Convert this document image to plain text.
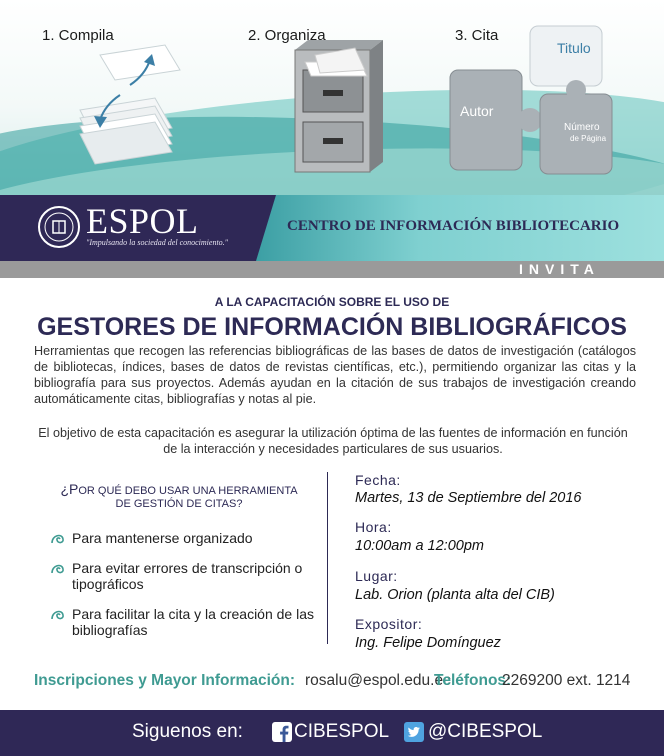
1. Compila	2. Organiza	3. Cita
Titulo
Autor
Número
de Página
ESPOL
"Impulsando la sociedad del conocimiento."
CENTRO DE INFORMACIÓN BIBLIOTECARIO
INVITA
A LA CAPACITACIÓN SOBRE EL USO DE
GESTORES DE INFORMACIÓN BIBLIOGRÁFICOS

Herramientas que recogen las referencias bibliográficas de las bases de datos de investigación (catálogos de bibliotecas, índices, bases de datos de revistas científicas, etc.), permitiendo organizar las citas y la bibliografía para sus proyectos. Además ayudan en la citación de sus trabajos de investigación creando automáticamente citas, bibliografías y notas al pie.

El objetivo de esta capacitación es asegurar la utilización óptima de las fuentes de información en función de la interacción y necesidades particulares de sus usuarios.

¿POR QUÉ DEBO USAR UNA HERRAMIENTA
DE GESTIÓN DE CITAS?
Para mantenerse organizado
Para evitar errores de transcripción o tipográficos
Para facilitar la cita y la creación de las bibliografías
Fecha:
Martes, 13 de Septiembre del 2016
Hora:
10:00am a 12:00pm
Lugar:
Lab. Orion (planta alta del CIB)
Expositor:
Ing. Felipe Domínguez
Inscripciones y Mayor Información: rosalu@espol.edu.ec
Teléfonos:
2269200 ext. 1214
Siguenos en:	CIBESPOL @CIBESPOL
